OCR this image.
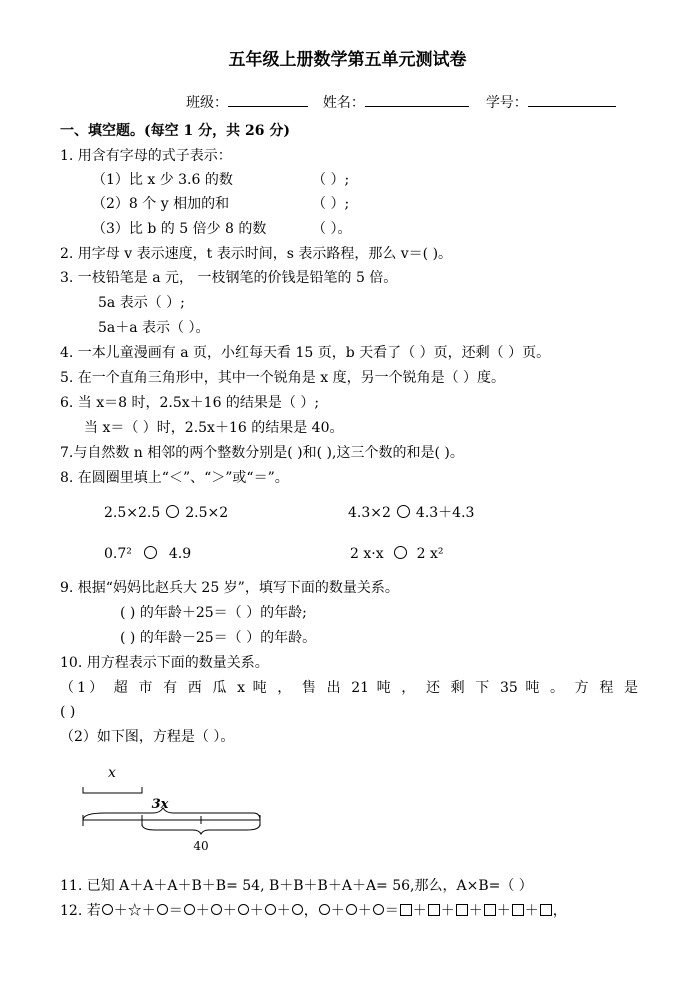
五年级上册数学第五单元测试卷
班级：	姓名：	学号：
一、填空题。(每空 1 分，共 26 分)
1. 用含有字母的式子表示：
（1）比 x 少 3.6 的数	（ ）;
（2）8 个 y 相加的和	（ ）;
（3）比 b 的 5 倍少 8 的数	（ ）。
2. 用字母 v 表示速度，t 表示时间，s 表示路程，那么 v＝( )。
3. 一枝铅笔是 a 元， 一枝钢笔的价钱是铅笔的 5 倍。
5a 表示（ ）;
5a＋a 表示（ ）。
4. 一本儿童漫画有 a 页，小红每天看 15 页，b 天看了（ ）页，还剩（ ）页。
5. 在一个直角三角形中，其中一个锐角是 x 度，另一个锐角是（ ）度。
6. 当 x＝8 时，2.5x＋16 的结果是（ ）;
当 x＝（ ）时，2.5x＋16 的结果是 40。
7.与自然数 n 相邻的两个整数分别是( )和( ),这三个数的和是( )。
8. 在圆圈里填上“＜”、“＞”或“＝”。
2.5×2.5 2.5×2	4.3×2 4.3＋4.3
0.7²	4.9	2 x·x 2 x²
9. 根据“妈妈比赵兵大 25 岁”，填写下面的数量关系。
( ) 的年龄＋25＝（ ）的年龄;
( ) 的年龄－25＝（ ）的年龄。
10. 用方程表示下面的数量关系。
（1） 超 市 有 西 瓜 x 吨 ， 售 出 21 吨 ， 还 剩 下 35 吨 。 方 程 是
( )
（2）如下图，方程是（ ）。
x
3x
40
11. 已知 A＋A＋A＋B＋B= 54, B＋B＋B＋A＋A= 56,那么，A×B=（ ）
12. 若 ＋☆＋ ＝ ＋ ＋ ＋ ＋ ， ＋ ＋ ＝ ＋ ＋ ＋ ＋ ＋ ，
